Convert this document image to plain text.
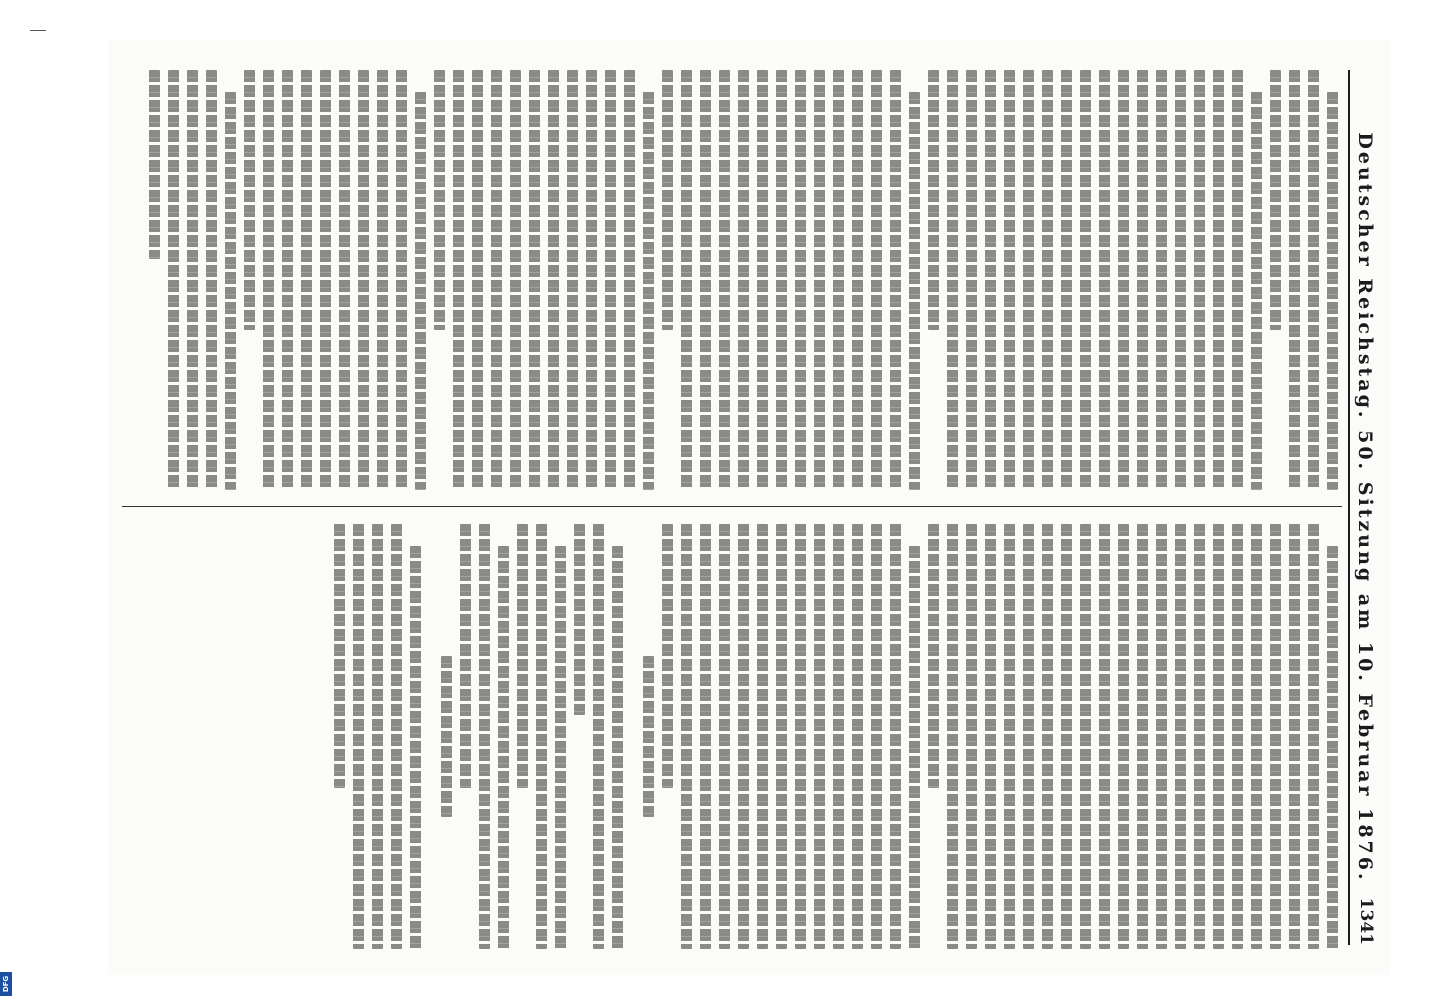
Deutscher Reichstag. 50. Sitzung am 10. Februar 1876.
1341
DFG
